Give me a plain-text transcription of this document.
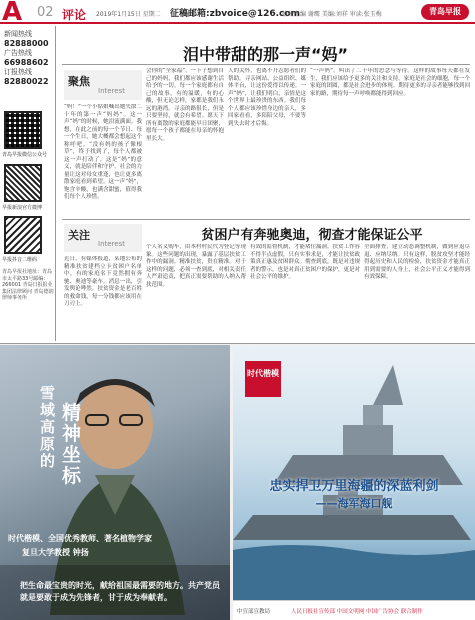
A 02 评论 2019年1月15日 星期二 征稿邮箱:zbvoice@126.com
值班主编 谢鹰 美编:刘祥 审读:张玉梅	青岛早报
新闻热线
82888000
广告热线
66988602
订报热线
82880022
青岛早报微信公众号
早报新浪官方微博
早报抖音二维码
青岛早报社地址：青岛市太平路33号邮编：266001 青岛日报报业集团法律顾问 青岛德润律师事务所
泪中带甜的那一声“妈”
聚焦
Interest
“妈！”一个小姑娘喊出她失散二十年的第一声“妈妈”。这一声“妈”的时候，她泪流满面。我想，在此之前的每一个节日、每一个生日，她大概都会想起这个称呼吧。“没有妈的孩子像根草”，终于找到了，每个人都被这一声打动了。这是“妈”的意义，就是陪伴和守护。社会的力量让这对母女重逢，也让更多离散家庭看到希望。这一声“妈”，饱含辛酸，也满含甜蜜，值得我们每个人珍惜。
会你的“全家福”。一下子想到自己的妈妈，我们都应该感谢生活给予的一切。每一个家庭都有自己的故事，有的温暖，有的心酸，但无论怎样，家都是我们永远的港湾。寻亲的路很长，但是只要坚持，就会有希望。愿天下所有离散的家庭都能早日团聚，愿每一个孩子都能在母亲的怀抱里长大。
人的关怀，也离不开志愿者们的帮助。寻亲网站、公益组织、媒体平台，让这份爱得以传递。一声“妈”，让我们明白，亲情是这个世界上最珍贵的东西。我们每个人都应该珍惜身边的亲人，多回家看看，多陪陪父母，不要等到失去时才后悔。
“一声妈”，叫出了二十年的思念与等待。这样的故事每天都在发生，我们应该给予更多的关注和支持。家庭是社会的细胞，每一个家庭的团圆，都是社会进步的体现。期待更多的寻亲者能够找到回家的路，期待每一声呼唤都能得到回应。
贫困户有奔驰奥迪，彻查才能保证公平
关注
Interest
近日，有媒体报道，某地公布的精准扶贫建档立卡贫困户名单中，有的家庭名下竟然拥有奔驰、奥迪等豪车。消息一出，引发舆论哗然。扶贫资金是老百姓的救命钱，每一分钱都应该用在刀刃上。
个人名义购车，由本村村民代为登记等现象。这些问题的出现，暴露了基层扶贫工作中的漏洞。精准扶贫，贵在精准。对于这样的问题，必须一查到底，对相关责任人严肃追责，把真正需要帮助的人纳入帮扶范围。
有效的监督机制，才能堵住漏洞。扶贫工作容不得半点虚假，只有实事求是，才能让扶贫政策真正惠及贫困群众。彻查到底，既是对违规者的警示，也是对真正贫困户的保护，更是对社会公平的维护。
全面排查，建立动态调整机制，做到应退尽退、应纳尽纳。只有这样，脱贫攻坚才能经得起历史和人民的检验，扶贫资金才能真正用到需要的人身上，社会公平正义才能得到有效保障。
雪域高原的
精神坐标
时代楷模、全国优秀教师、著名植物学家
复旦大学教授 钟扬
把生命最宝贵的时光，献给祖国最需要的地方。共产党员就是要敢于成为先锋者，甘于成为奉献者。
时代楷模
忠实捍卫万里海疆的深蓝利剑
——海军海口舰
中宣部宣教局	人民日报社宣传部 中国文明网 中国广告协会 联合制作
